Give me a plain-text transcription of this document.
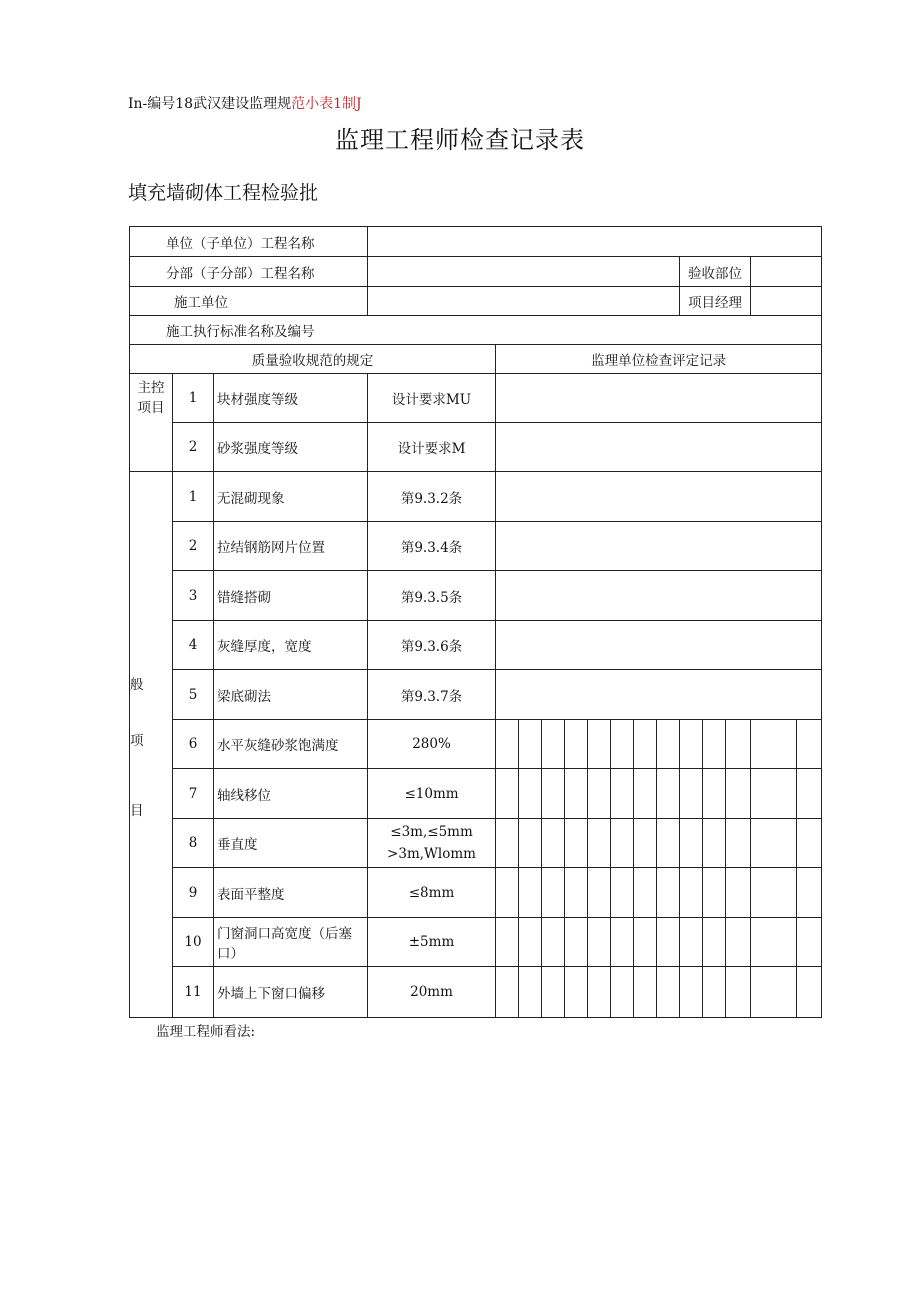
In-编号18武汉建设监理规范小表1制J
监理工程师检查记录表
填充墙砌体工程检验批
单位（子单位）工程名称																
分部（子分部）工程名称												验收部位				
施工单位												项目经理				
施工执行标准名称及编号																
质量验收规范的规定				监理单位检查评定记录												
主控项目	1	块材强度等级	设计要求MU													
	2	砂浆强度等级	设计要求M													

般
项
目	1	无混砌现象	第9.3.2条													
	2	拉结钢筋网片位置	第9.3.4条													
	3	错缝搭砌	第9.3.5条													
	4	灰缝厚度，宽度	第9.3.6条													
	5	梁底砌法	第9.3.7条													
	6	水平灰缝砂浆饱满度	280%													
	7	轴线移位	≤10mm													
	8	垂直度	≤3m,≤5mm
>3m,Wlomm													

	9	表面平整度	≤8mm													
	10	门窗洞口高宽度（后塞口）	±5mm													
	11	外墙上下窗口偏移	20mm													
监理工程师看法:
